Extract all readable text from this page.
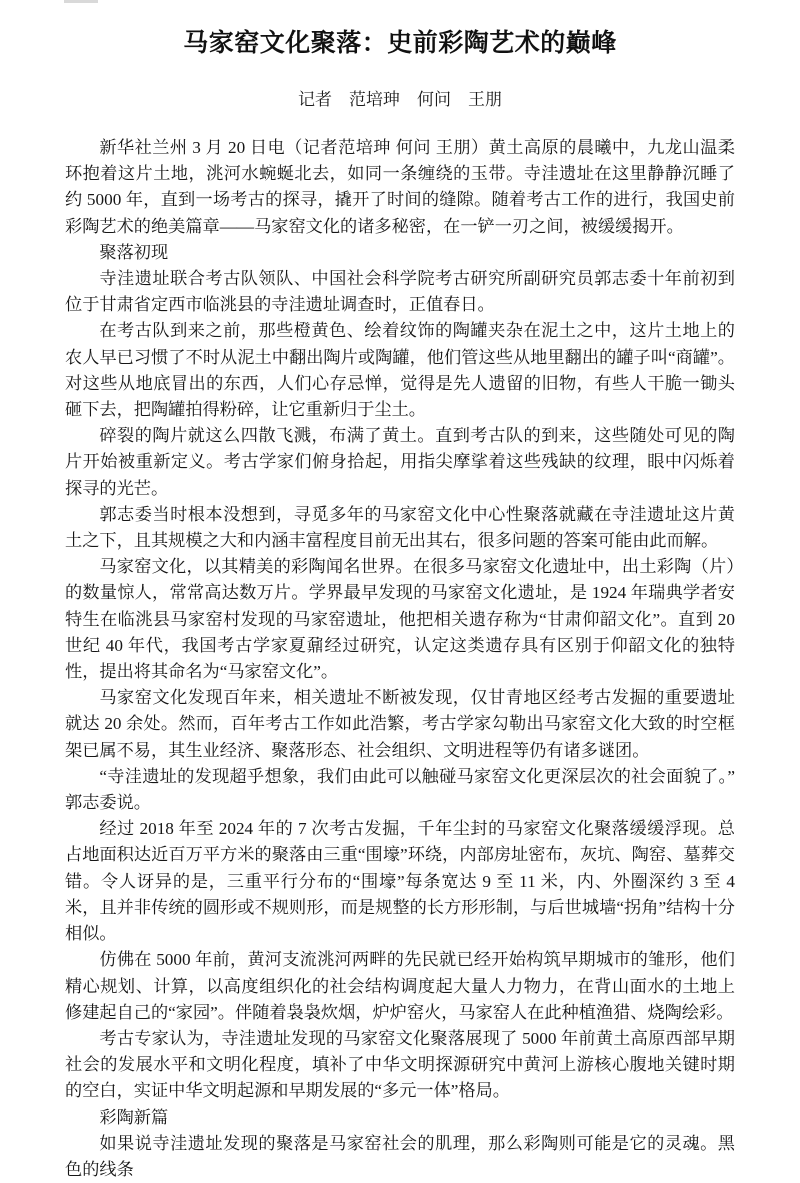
马家窑文化聚落：史前彩陶艺术的巅峰
记者　范培珅　何问　王朋

新华社兰州 3 月 20 日电（记者范培珅 何问 王朋）黄土高原的晨曦中，九龙山温柔环抱着这片土地，洮河水蜿蜒北去，如同一条缠绕的玉带。寺洼遗址在这里静静沉睡了约 5000 年，直到一场考古的探寻，撬开了时间的缝隙。随着考古工作的进行，我国史前彩陶艺术的绝美篇章——马家窑文化的诸多秘密，在一铲一刃之间，被缓缓揭开。

聚落初现

寺洼遗址联合考古队领队、中国社会科学院考古研究所副研究员郭志委十年前初到位于甘肃省定西市临洮县的寺洼遗址调查时，正值春日。

在考古队到来之前，那些橙黄色、绘着纹饰的陶罐夹杂在泥土之中，这片土地上的农人早已习惯了不时从泥土中翻出陶片或陶罐，他们管这些从地里翻出的罐子叫“商罐”。对这些从地底冒出的东西，人们心存忌惮，觉得是先人遗留的旧物，有些人干脆一锄头砸下去，把陶罐拍得粉碎，让它重新归于尘土。

碎裂的陶片就这么四散飞溅，布满了黄土。直到考古队的到来，这些随处可见的陶片开始被重新定义。考古学家们俯身拾起，用指尖摩挲着这些残缺的纹理，眼中闪烁着探寻的光芒。

郭志委当时根本没想到，寻觅多年的马家窑文化中心性聚落就藏在寺洼遗址这片黄土之下，且其规模之大和内涵丰富程度目前无出其右，很多问题的答案可能由此而解。

马家窑文化，以其精美的彩陶闻名世界。在很多马家窑文化遗址中，出土彩陶（片）的数量惊人，常常高达数万片。学界最早发现的马家窑文化遗址，是 1924 年瑞典学者安特生在临洮县马家窑村发现的马家窑遗址，他把相关遗存称为“甘肃仰韶文化”。直到 20 世纪 40 年代，我国考古学家夏鼐经过研究，认定这类遗存具有区别于仰韶文化的独特性，提出将其命名为“马家窑文化”。

马家窑文化发现百年来，相关遗址不断被发现，仅甘青地区经考古发掘的重要遗址就达 20 余处。然而，百年考古工作如此浩繁，考古学家勾勒出马家窑文化大致的时空框架已属不易，其生业经济、聚落形态、社会组织、文明进程等仍有诸多谜团。

“寺洼遗址的发现超乎想象，我们由此可以触碰马家窑文化更深层次的社会面貌了。”郭志委说。

经过 2018 年至 2024 年的 7 次考古发掘，千年尘封的马家窑文化聚落缓缓浮现。总占地面积达近百万平方米的聚落由三重“围壕”环绕，内部房址密布，灰坑、陶窑、墓葬交错。令人讶异的是，三重平行分布的“围壕”每条宽达 9 至 11 米，内、外圈深约 3 至 4 米，且并非传统的圆形或不规则形，而是规整的长方形形制，与后世城墙“拐角”结构十分相似。

仿佛在 5000 年前，黄河支流洮河两畔的先民就已经开始构筑早期城市的雏形，他们精心规划、计算，以高度组织化的社会结构调度起大量人力物力，在背山面水的土地上修建起自己的“家园”。伴随着袅袅炊烟，炉炉窑火，马家窑人在此种植渔猎、烧陶绘彩。

考古专家认为，寺洼遗址发现的马家窑文化聚落展现了 5000 年前黄土高原西部早期社会的发展水平和文明化程度，填补了中华文明探源研究中黄河上游核心腹地关键时期的空白，实证中华文明起源和早期发展的“多元一体”格局。

彩陶新篇

如果说寺洼遗址发现的聚落是马家窑社会的肌理，那么彩陶则可能是它的灵魂。黑色的线条
